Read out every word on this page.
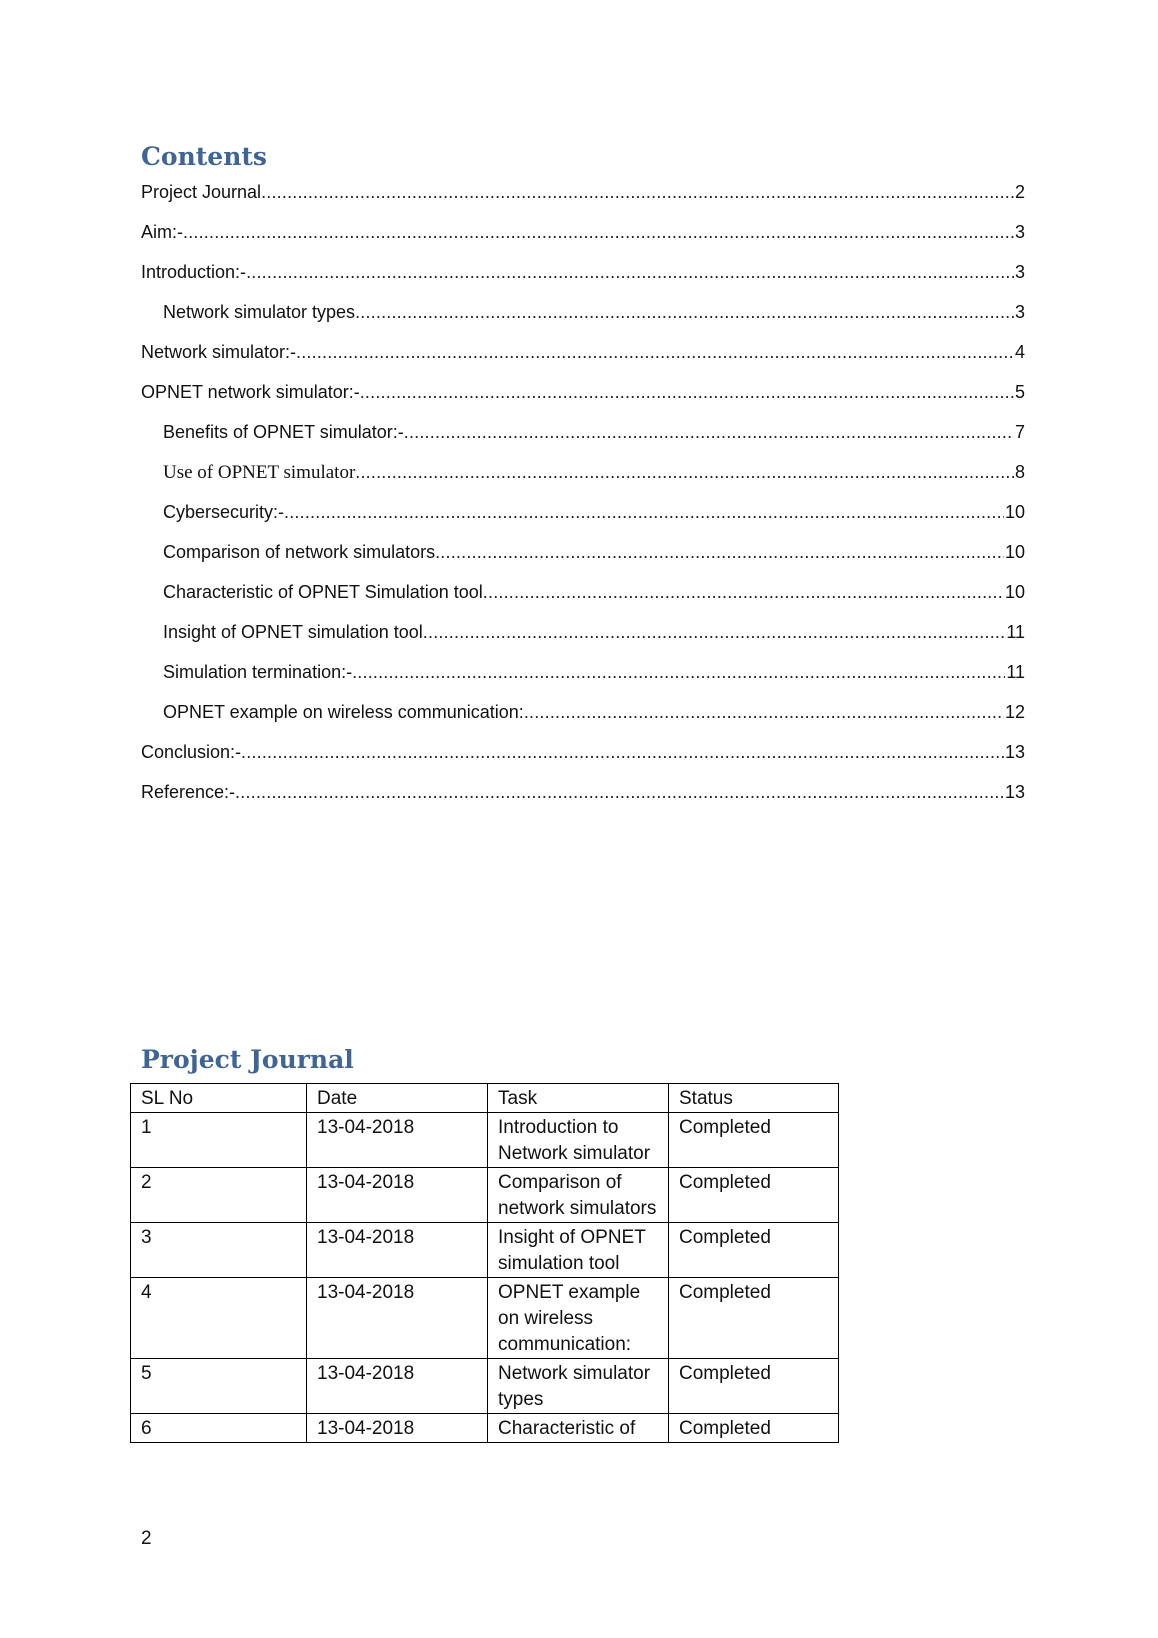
Contents
Project Journal .....	2
Aim:- .....	3
Introduction:- .....	3
Network simulator types .....	3
Network simulator:- .....	4
OPNET network simulator:- .....	5
Benefits of OPNET simulator:- .....	7
Use of OPNET simulator .....	8
Cybersecurity:- .....	10
Comparison of network simulators .....	10
Characteristic of OPNET Simulation tool .....	10
Insight of OPNET simulation tool .....	11
Simulation termination:- .....	11
OPNET example on wireless communication: .....	12
Conclusion:- .....	13
Reference:- .....	13
Project Journal
SL No	Date	Task	Status
1	13-04-2018	Introduction to Network simulator	Completed
2	13-04-2018	Comparison of network simulators	Completed
3	13-04-2018	Insight of OPNET simulation tool	Completed
4	13-04-2018	OPNET example on wireless communication:	Completed
5	13-04-2018	Network simulator types	Completed
6	13-04-2018	Characteristic of	Completed
2
